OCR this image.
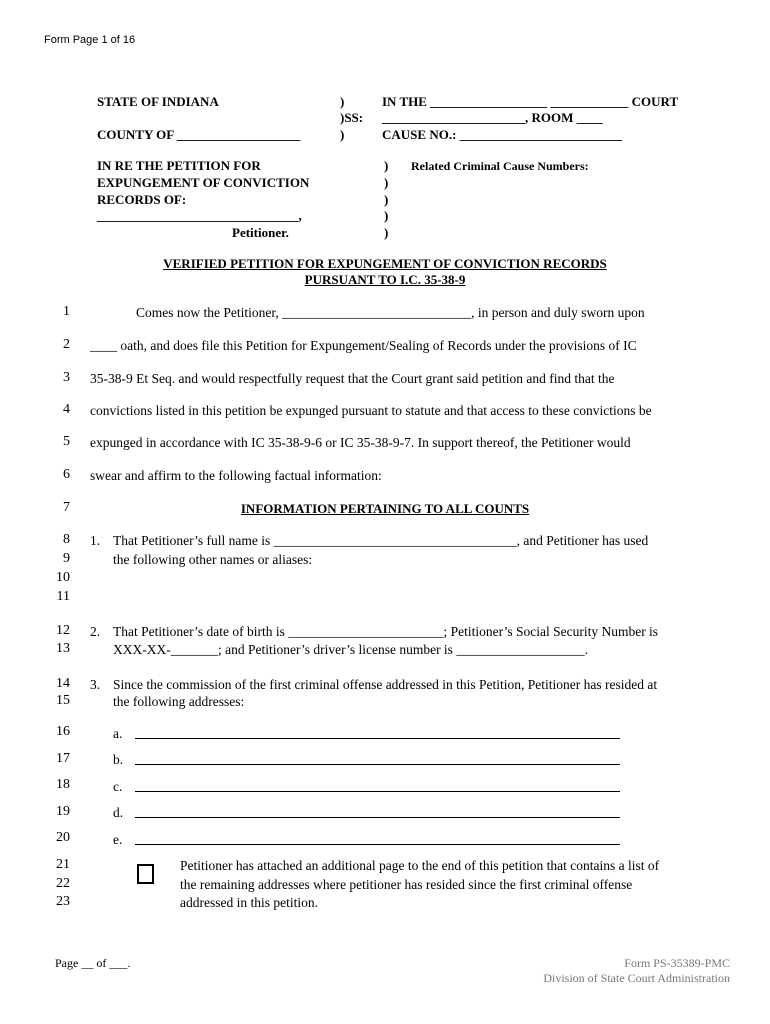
Form Page 1 of 16
STATE OF INDIANA
COUNTY OF ___________________
)
)SS:
)
IN THE __________________ ____________ COURT
______________________, ROOM ____
CAUSE NO.: _________________________
IN RE THE PETITION FOR
EXPUNGEMENT OF CONVICTION
RECORDS OF:
_______________________________,
Petitioner.
)
)
)
)
)
Related Criminal Cause Numbers:
VERIFIED PETITION FOR EXPUNGEMENT OF CONVICTION RECORDS
PURSUANT TO I.C. 35-38-9
1
2
3
4
5
6
7
8
9
10
11
12
13
14
15
16
17
18
19
20
21
22
23
Comes now the Petitioner, ____________________________, in person and duly sworn upon
____ oath, and does file this Petition for Expungement/Sealing of Records under the provisions of IC
35-38-9 Et Seq. and would respectfully request that the Court grant said petition and find that the
convictions listed in this petition be expunged pursuant to statute and that access to these convictions be
expunged in accordance with IC 35-38-9-6 or IC 35-38-9-7. In support thereof, the Petitioner would
swear and affirm to the following factual information:
INFORMATION PERTAINING TO ALL COUNTS
1. That Petitioner’s full name is ____________________________________, and Petitioner has used
the following other names or aliases:
2. That Petitioner’s date of birth is _______________________; Petitioner’s Social Security Number is
XXX-XX-_______; and Petitioner’s driver’s license number is ___________________.
3. Since the commission of the first criminal offense addressed in this Petition, Petitioner has resided at
the following addresses:
a.
b.
c.
d.
e.
Petitioner has attached an additional page to the end of this petition that contains a list of
the remaining addresses where petitioner has resided since the first criminal offense
addressed in this petition.
Page __ of ___.	Form PS-35389-PMC
Division of State Court Administration
